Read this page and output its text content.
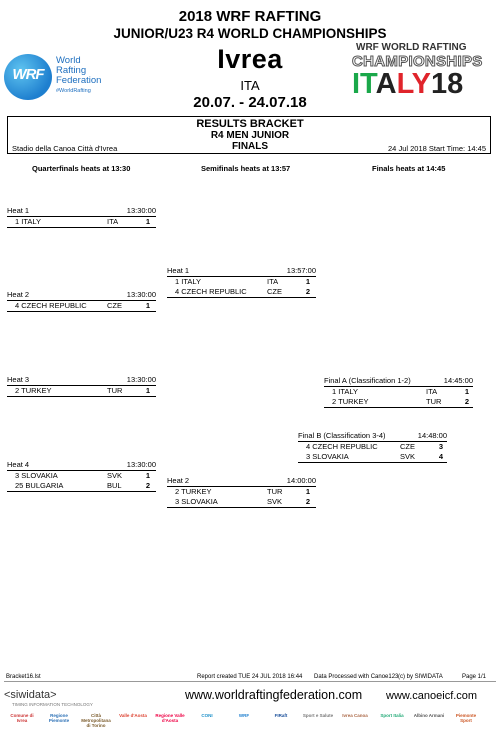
2018 WRF RAFTING
JUNIOR/U23 R4 WORLD CHAMPIONSHIPS
Ivrea
ITA
20.07. - 24.07.18
WRF
World
Rafting
Federation
#WorldRafting
WRF WORLD RAFTING
CHAMPIONSHIPS
ITALY18
RESULTS BRACKET
R4 MEN JUNIOR
FINALS
Stadio della Canoa Città d'Ivrea	24 Jul 2018 Start Time: 14:45
Quarterfinals heats at 13:30	Semifinals heats at 13:57	Finals heats at 14:45
Heat 1	13:30:00
1 ITALY	ITA	1
Heat 2	13:30:00
4 CZECH REPUBLIC	CZE	1
Heat 3	13:30:00
2 TURKEY	TUR	1
Heat 4	13:30:00
3 SLOVAKIA	SVK	1
25 BULGARIA	BUL	2
Heat 1	13:57:00
1 ITALY	ITA	1
4 CZECH REPUBLIC	CZE	2
Heat 2	14:00:00
2 TURKEY	TUR	1
3 SLOVAKIA	SVK	2
Final A (Classification 1-2)	14:45:00
1 ITALY	ITA	1
2 TURKEY	TUR	2
Final B (Classification 3-4)	14:48:00
4 CZECH REPUBLIC	CZE	3
3 SLOVAKIA	SVK	4
Bracket16.lst	Report created TUE 24 JUL 2018 16:44 Data Processed with Canoe123 (c) by SIWIDATA	Page 1/1
<siwidata>
TIMING INFORMATION TECHNOLOGY
www.worldraftingfederation.com www.canoeicf.com
Comune di Ivrea
Regione Piemonte
Città Metropolitana di Torino
Valle d'Aosta	Regione Valle d'Aosta
CONI	WRF	FIRaft	Sport e Salute	Ivrea Canoa	Sport Italia	Albino Armani	Piemonte Sport
